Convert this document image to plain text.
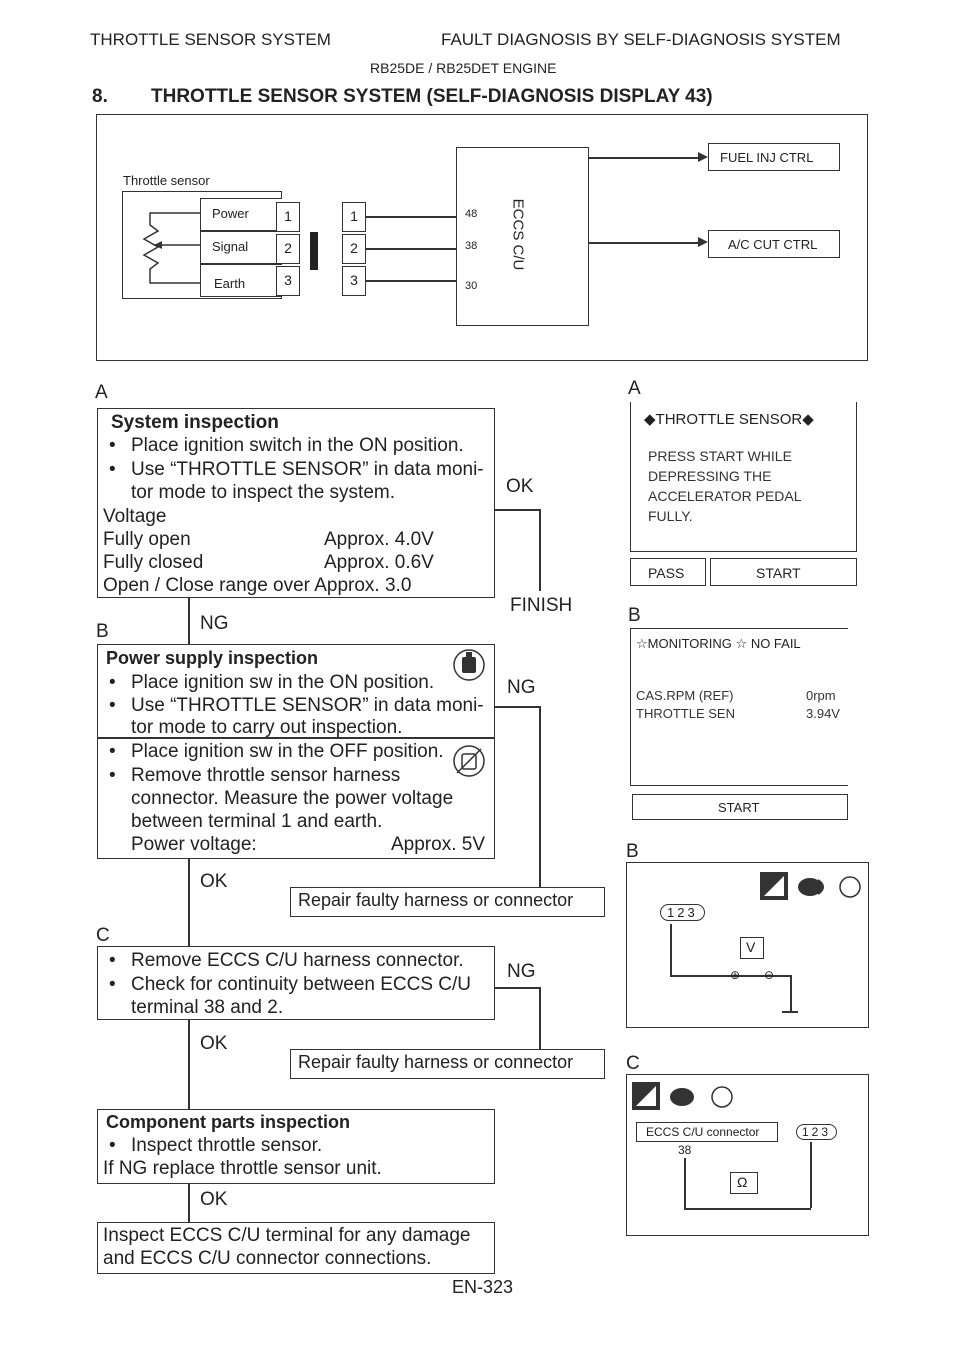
THROTTLE SENSOR SYSTEM	FAULT DIAGNOSIS BY SELF-DIAGNOSIS SYSTEM
RB25DE / RB25DET ENGINE
8. THROTTLE SENSOR SYSTEM (SELF-DIAGNOSIS DISPLAY 43)
Throttle sensor
Power
Signal
Earth
1
2
3
1
2
3
48
38
30
ECCS C/U
FUEL INJ CTRL
A/C CUT CTRL
A
System inspection
• Place ignition switch in the ON position.
• Use “THROTTLE SENSOR” in data moni-
tor mode to inspect the system.
Voltage
Fully open	Approx. 4.0V
Fully closed	Approx. 0.6V
Open / Close range over Approx. 3.0
OK
FINISH
B	NG
Power supply inspection
• Place ignition sw in the ON position.
• Use “THROTTLE SENSOR” in data moni-
tor mode to carry out inspection.
• Place ignition sw in the OFF position.
• Remove throttle sensor harness
connector. Measure the power voltage
between terminal 1 and earth.
Power voltage:	Approx. 5V
NG
OK
Repair faulty harness or connector
C
• Remove ECCS C/U harness connector.
• Check for continuity between ECCS C/U
terminal 38 and 2.
NG
OK
Repair faulty harness or connector
Component parts inspection
• Inspect throttle sensor.
If NG replace throttle sensor unit.
OK
Inspect ECCS C/U terminal for any damage
and ECCS C/U connector connections.
A
◆THROTTLE SENSOR◆
PRESS START WHILE
DEPRESSING THE
ACCELERATOR PEDAL
FULLY.
PASS	START
B
☆MONITORING ☆ NO FAIL
CAS.RPM (REF)	0rpm
THROTTLE SEN	3.94V
START
B
123
V
⊕ ⊖
C
ECCS C/U connector	123
38
Ω
EN-323
